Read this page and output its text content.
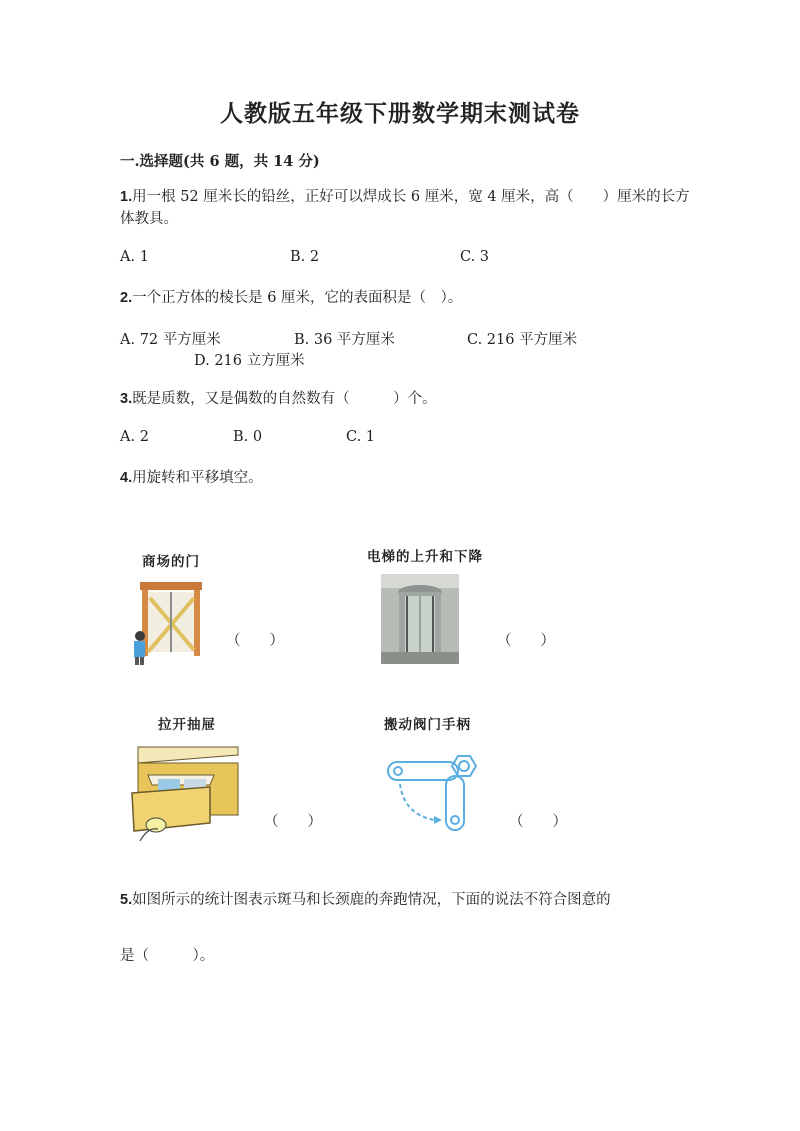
人教版五年级下册数学期末测试卷
一.选择题(共 6 题，共 14 分)
1.用一根 52 厘米长的铅丝，正好可以焊成长 6 厘米，宽 4 厘米，高（　　）厘米的长方体教具。
A. 1	B. 2	C. 3
2.一个正方体的棱长是 6 厘米，它的表面积是（　）。
A. 72 平方厘米	B. 36 平方厘米	C. 216 平方厘米
D. 216 立方厘米
3.既是质数，又是偶数的自然数有（　　　）个。
A. 2	B. 0	C. 1
4.用旋转和平移填空。
商场的门
（　　）
电梯的上升和下降
（　　）
拉开抽屉
（　　）
搬动阀门手柄
（　　）
5.如图所示的统计图表示斑马和长颈鹿的奔跑情况，下面的说法不符合图意的
是（　　　）。
